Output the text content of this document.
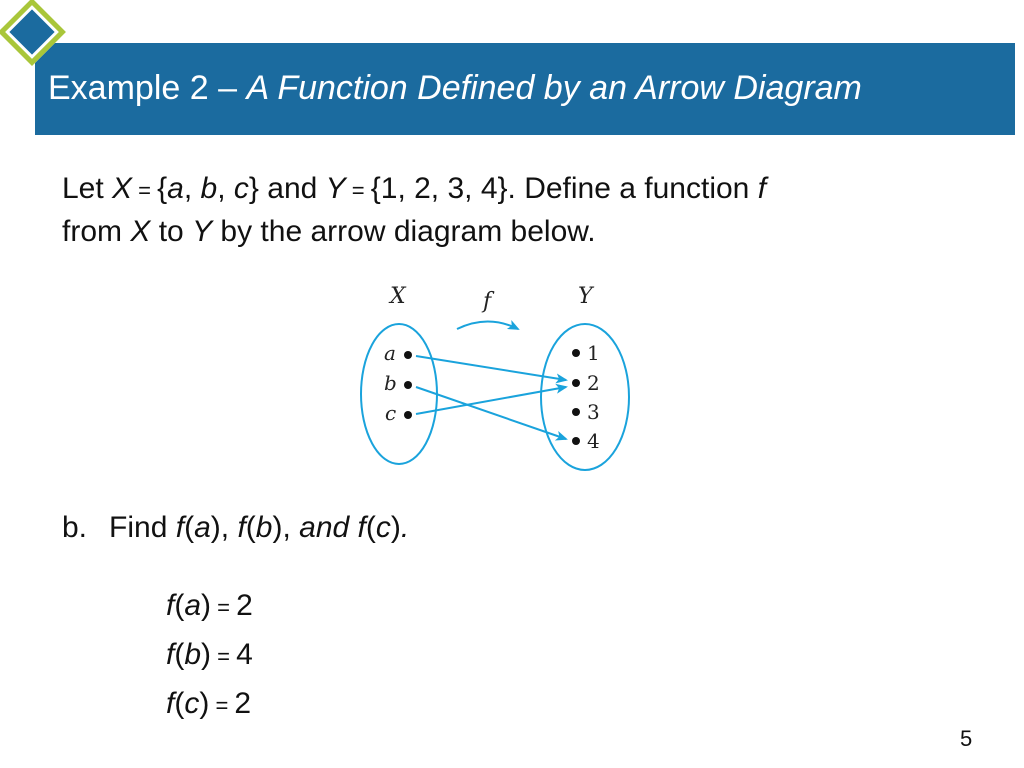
Example 2 – A Function Defined by an Arrow Diagram
Let X = {a, b, c} and Y = {1, 2, 3, 4}. Define a function f
from X to Y by the arrow diagram below.
X	f	Y
a
b
c
1
2
3
4
b. Find f(a), f(b), and f(c).
f(a) = 2
f(b) = 4
f(c) = 2
5
